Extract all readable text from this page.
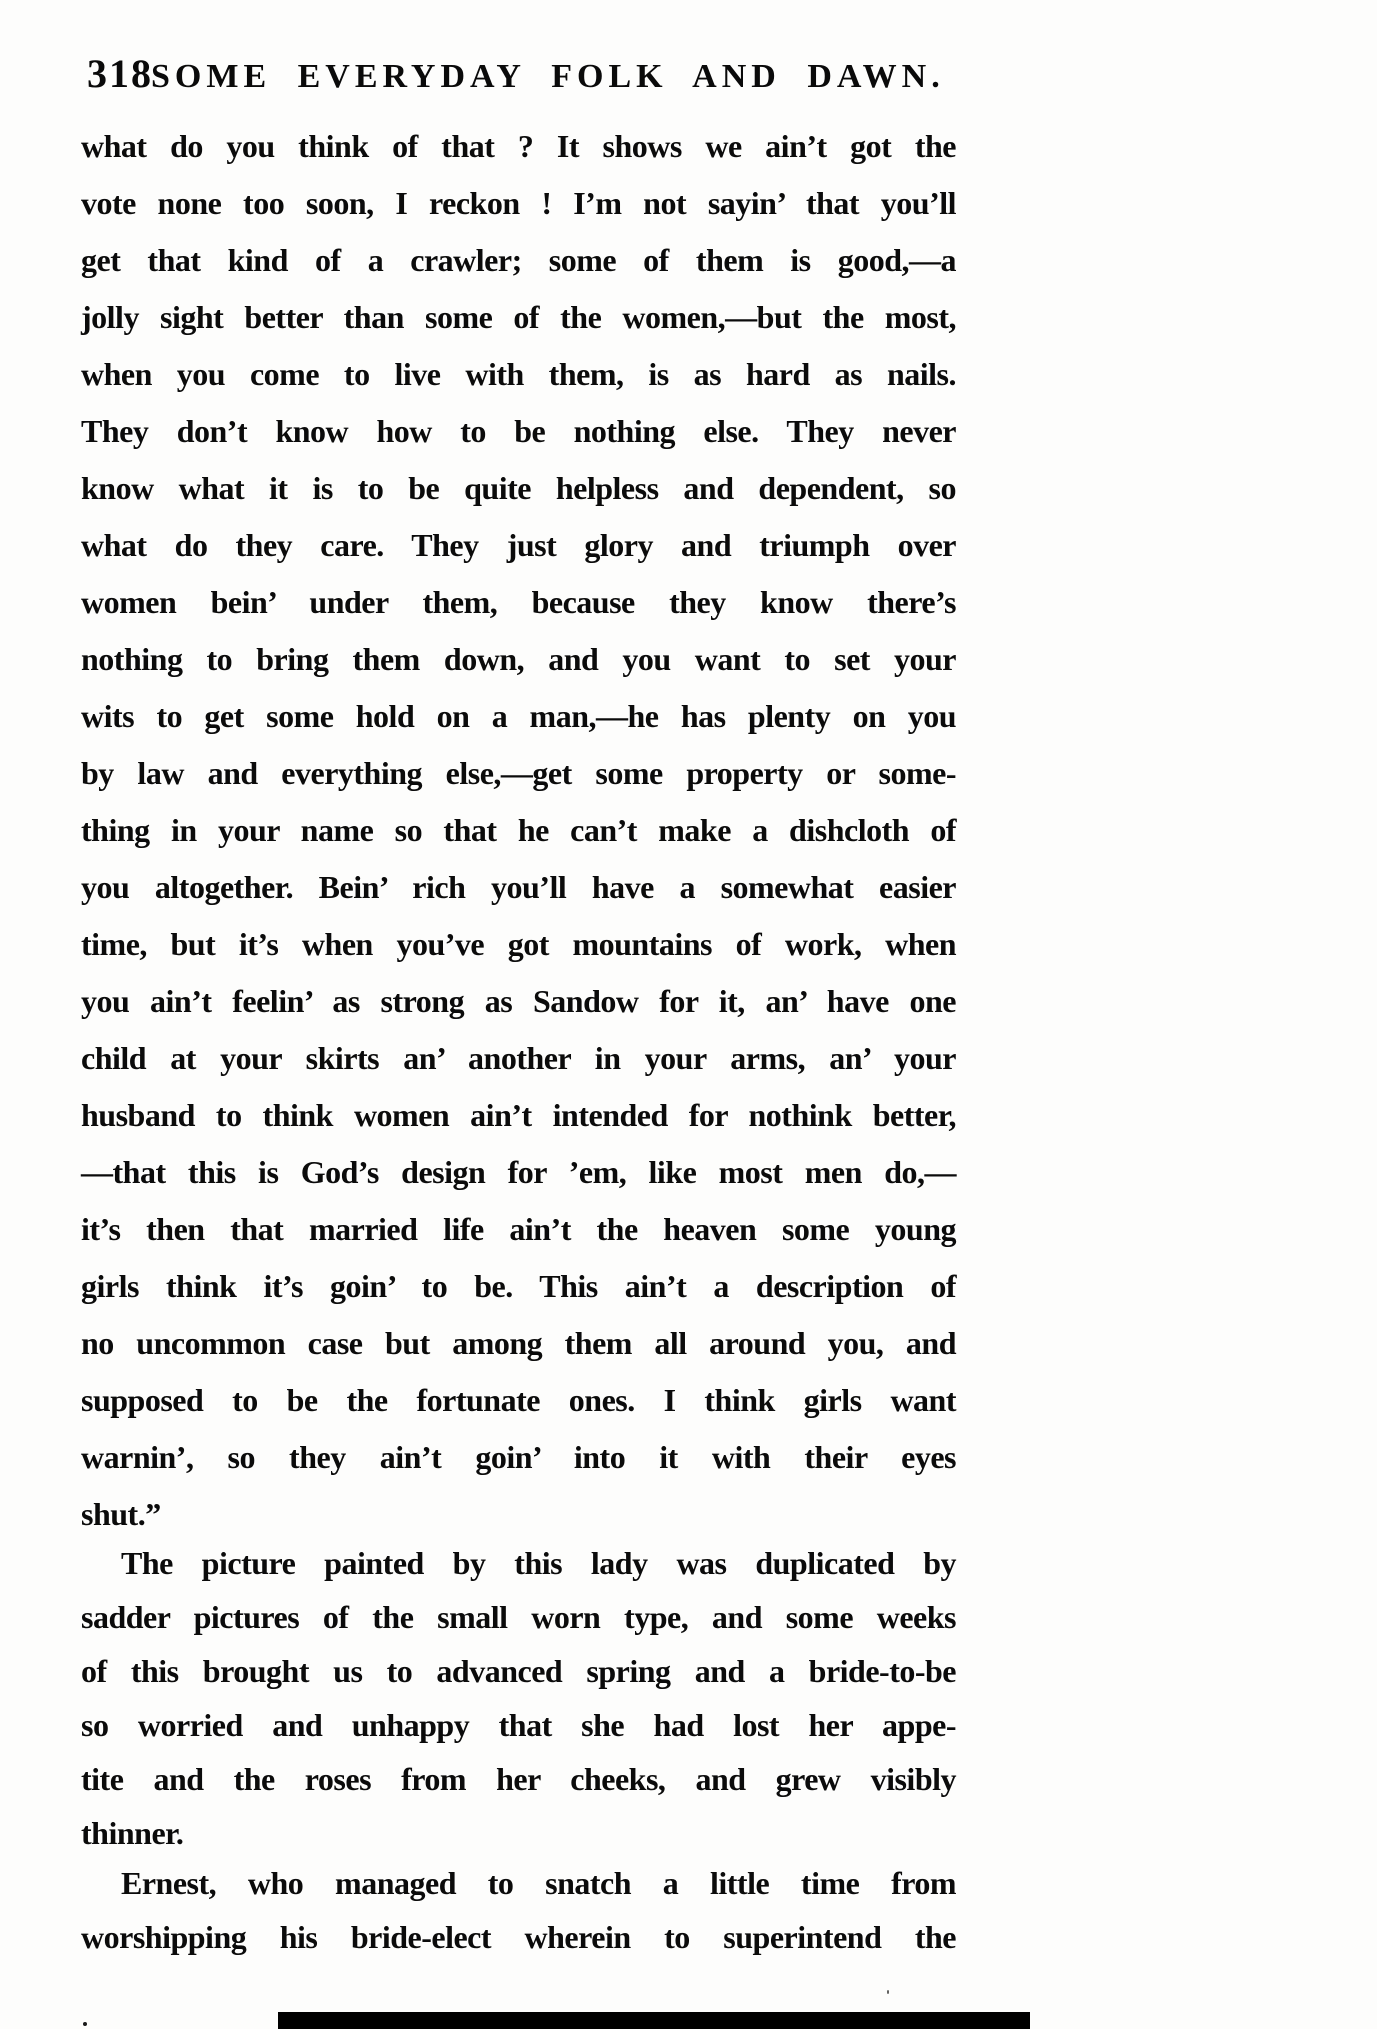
318
SOME EVERYDAY FOLK AND DAWN.
what do you think of that ? It shows we ain’t got the
vote none too soon, I reckon ! I’m not sayin’ that you’ll
get that kind of a crawler; some of them is good,—a
jolly sight better than some of the women,—but the most,
when you come to live with them, is as hard as nails.
They don’t know how to be nothing else. They never
know what it is to be quite helpless and dependent, so
what do they care. They just glory and triumph over
women bein’ under them, because they know there’s
nothing to bring them down, and you want to set your
wits to get some hold on a man,—he has plenty on you
by law and everything else,—get some property or some-
thing in your name so that he can’t make a dishcloth of
you altogether. Bein’ rich you’ll have a somewhat easier
time, but it’s when you’ve got mountains of work, when
you ain’t feelin’ as strong as Sandow for it, an’ have one
child at your skirts an’ another in your arms, an’ your
husband to think women ain’t intended for nothink better,
—that this is God’s design for ’em, like most men do,—
it’s then that married life ain’t the heaven some young
girls think it’s goin’ to be. This ain’t a description of
no uncommon case but among them all around you, and
supposed to be the fortunate ones. I think girls want
warnin’, so they ain’t goin’ into it with their eyes
shut.”
The picture painted by this lady was duplicated by
sadder pictures of the small worn type, and some weeks
of this brought us to advanced spring and a bride-to-be
so worried and unhappy that she had lost her appe-
tite and the roses from her cheeks, and grew visibly
thinner.
Ernest, who managed to snatch a little time from
worshipping his bride-elect wherein to superintend the
